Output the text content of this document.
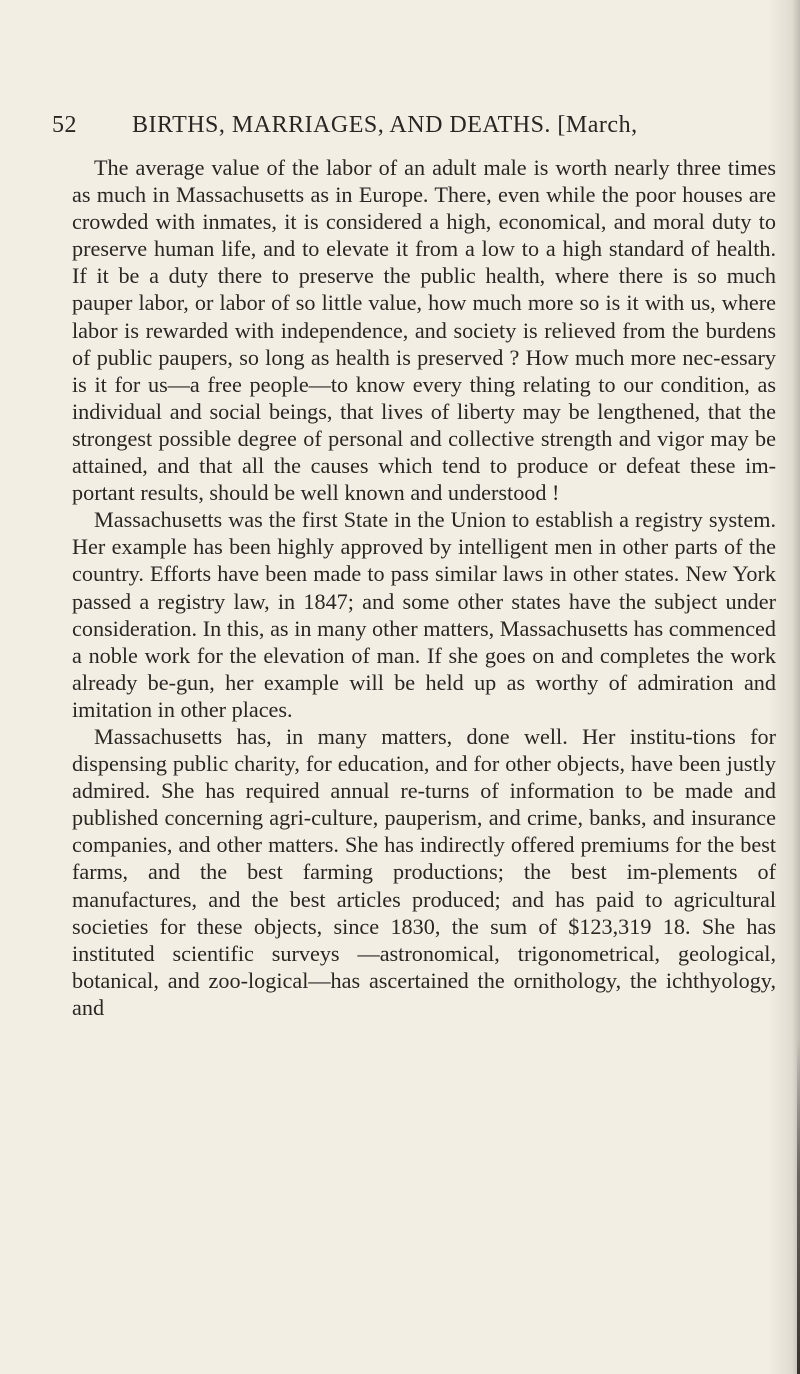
52 BIRTHS, MARRIAGES, AND DEATHS. [March,

The average value of the labor of an adult male is worth nearly three times as much in Massachusetts as in Europe. There, even while the poor houses are crowded with inmates, it is considered a high, economical, and moral duty to preserve human life, and to elevate it from a low to a high standard of health. If it be a duty there to preserve the public health, where there is so much pauper labor, or labor of so little value, how much more so is it with us, where labor is rewarded with independence, and society is relieved from the burdens of public paupers, so long as health is preserved ? How much more nec-essary is it for us—a free people—to know every thing relating to our condition, as individual and social beings, that lives of liberty may be lengthened, that the strongest possible degree of personal and collective strength and vigor may be attained, and that all the causes which tend to produce or defeat these im-portant results, should be well known and understood !

Massachusetts was the first State in the Union to establish a registry system. Her example has been highly approved by intelligent men in other parts of the country. Efforts have been made to pass similar laws in other states. New York passed a registry law, in 1847; and some other states have the subject under consideration. In this, as in many other matters, Massachusetts has commenced a noble work for the elevation of man. If she goes on and completes the work already be-gun, her example will be held up as worthy of admiration and imitation in other places.

Massachusetts has, in many matters, done well. Her institu-tions for dispensing public charity, for education, and for other objects, have been justly admired. She has required annual re-turns of information to be made and published concerning agri-culture, pauperism, and crime, banks, and insurance companies, and other matters. She has indirectly offered premiums for the best farms, and the best farming productions; the best im-plements of manufactures, and the best articles produced; and has paid to agricultural societies for these objects, since 1830, the sum of $123,319 18. She has instituted scientific surveys —astronomical, trigonometrical, geological, botanical, and zoo-logical—has ascertained the ornithology, the ichthyology, and
